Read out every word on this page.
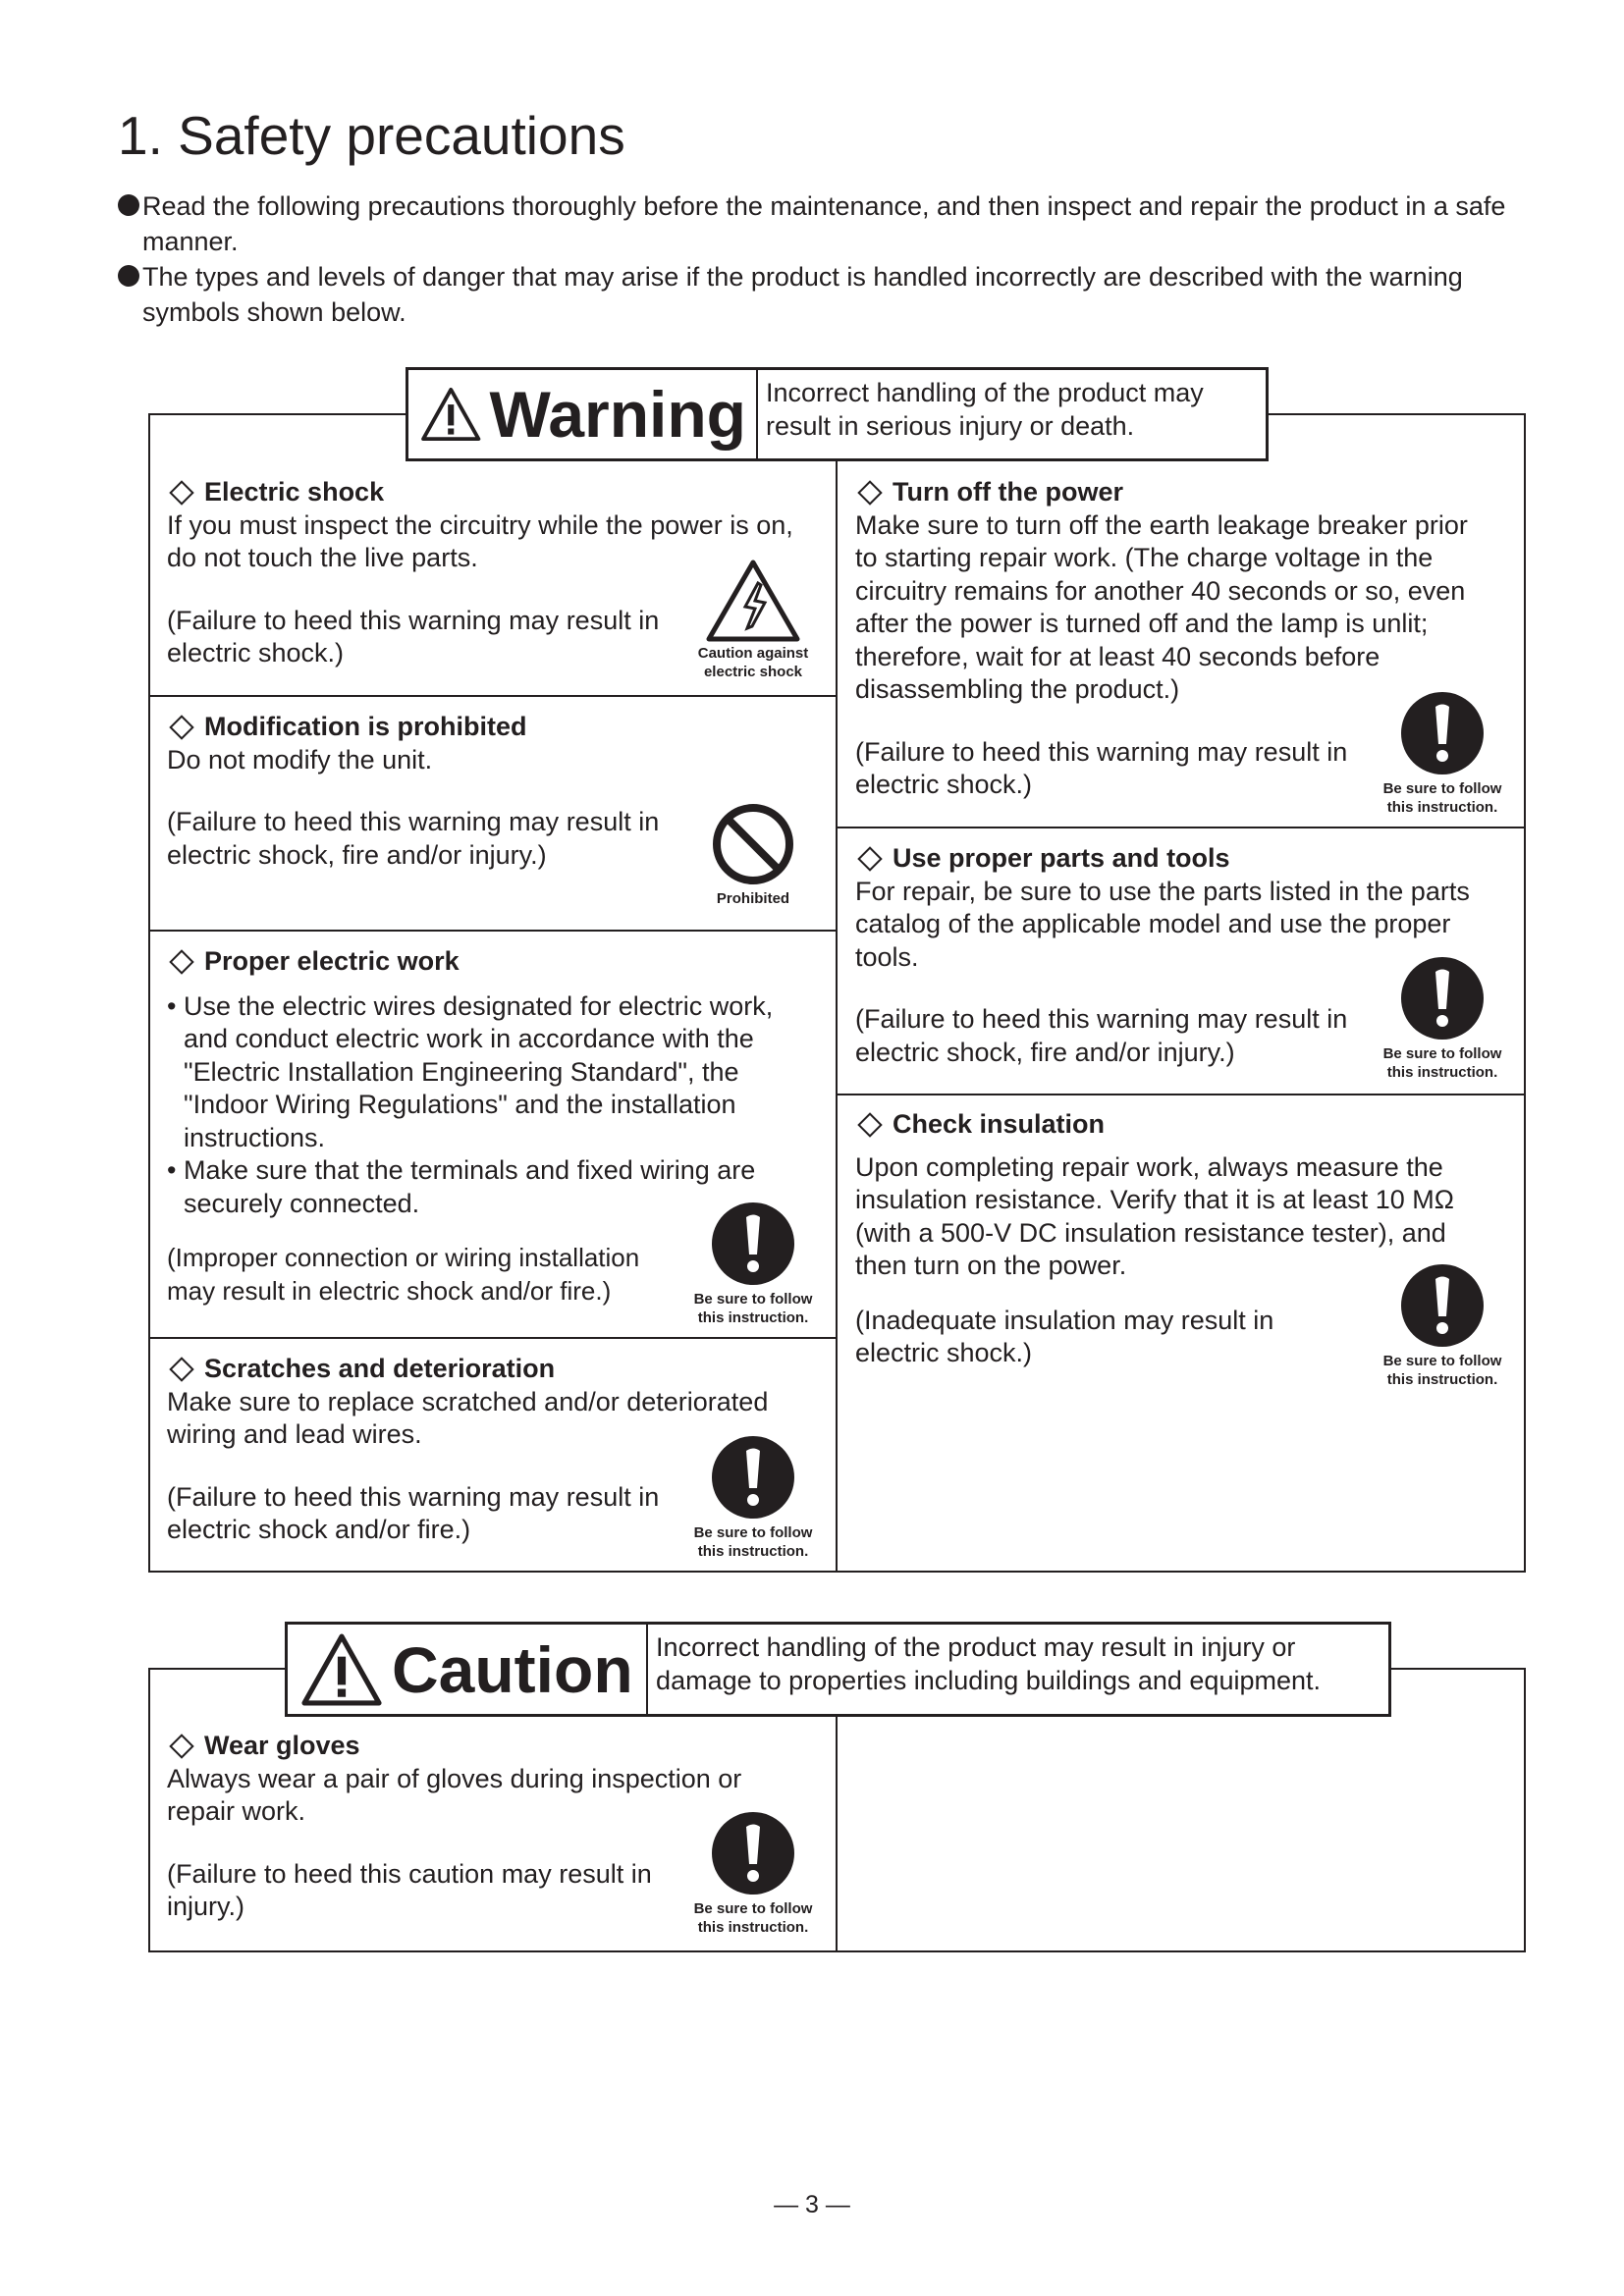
1. Safety precautions
Read the following precautions thoroughly before the maintenance, and then inspect and repair the product in a safe manner.
The types and levels of danger that may arise if the product is handled incorrectly are described with the warning symbols shown below.
Warning Incorrect handling of the product may result in serious injury or death.
Electric shock

If you must inspect the circuitry while the power is on, do not touch the live parts.

(Failure to heed this warning may result in electric shock.)	Caution against
electric shock
Modification is prohibited

Do not modify the unit.

(Failure to heed this warning may result in electric shock, fire and/or injury.)

Prohibited
Proper electric work
• Use the electric wires designated for electric work, and conduct electric work in accordance with the "Electric Installation Engineering Standard", the "Indoor Wiring Regulations" and the installation instructions.
• Make sure that the terminals and fixed wiring are securely connected.

(Improper connection or wiring installation may result in electric shock and/or fire.)	Be sure to follow
this instruction.
Scratches and deterioration

Make sure to replace scratched and/or deteriorated wiring and lead wires.

(Failure to heed this warning may result in electric shock and/or fire.)	Be sure to follow
this instruction.
Turn off the power

Make sure to turn off the earth leakage breaker prior to starting repair work. (The charge voltage in the circuitry remains for another 40 seconds or so, even after the power is turned off and the lamp is unlit; therefore, wait for at least 40 seconds before disassembling the product.)

(Failure to heed this warning may result in electric shock.)	Be sure to follow
this instruction.
Use proper parts and tools

For repair, be sure to use the parts listed in the parts catalog of the applicable model and use the proper tools.

(Failure to heed this warning may result in electric shock, fire and/or injury.)	Be sure to follow
this instruction.
Check insulation

Upon completing repair work, always measure the insulation resistance. Verify that it is at least 10 MΩ (with a 500-V DC insulation resistance tester), and then turn on the power.

(Inadequate insulation may result in electric shock.)	Be sure to follow
this instruction.
Caution Incorrect handling of the product may result in injury or damage to properties including buildings and equipment.
Wear gloves

Always wear a pair of gloves during inspection or repair work.

(Failure to heed this caution may result in injury.)	Be sure to follow
this instruction.
— 3 —
